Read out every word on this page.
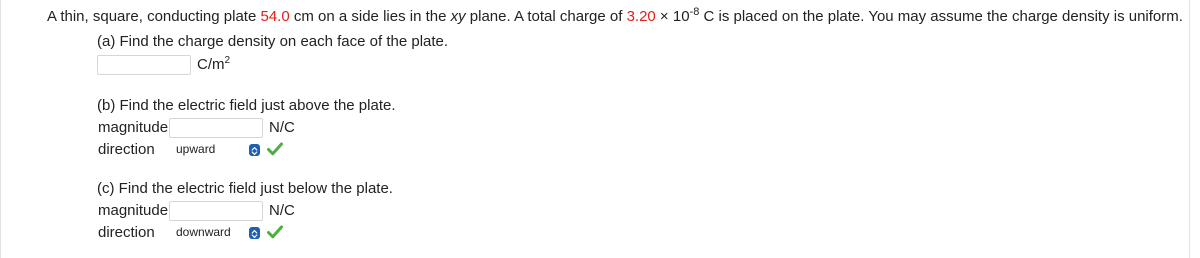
A thin, square, conducting plate 54.0 cm on a side lies in the xy plane. A total charge of $3.20 \times 10^{-8}$ C is placed on the plate. You may assume the charge density is uniform.
(a) Find the charge density on each face of the plate.
$C/m^2$
(b) Find the electric field just above the plate.
magnitude	N/C
direction upward
(c) Find the electric field just below the plate.
magnitude	N/C
direction downward
